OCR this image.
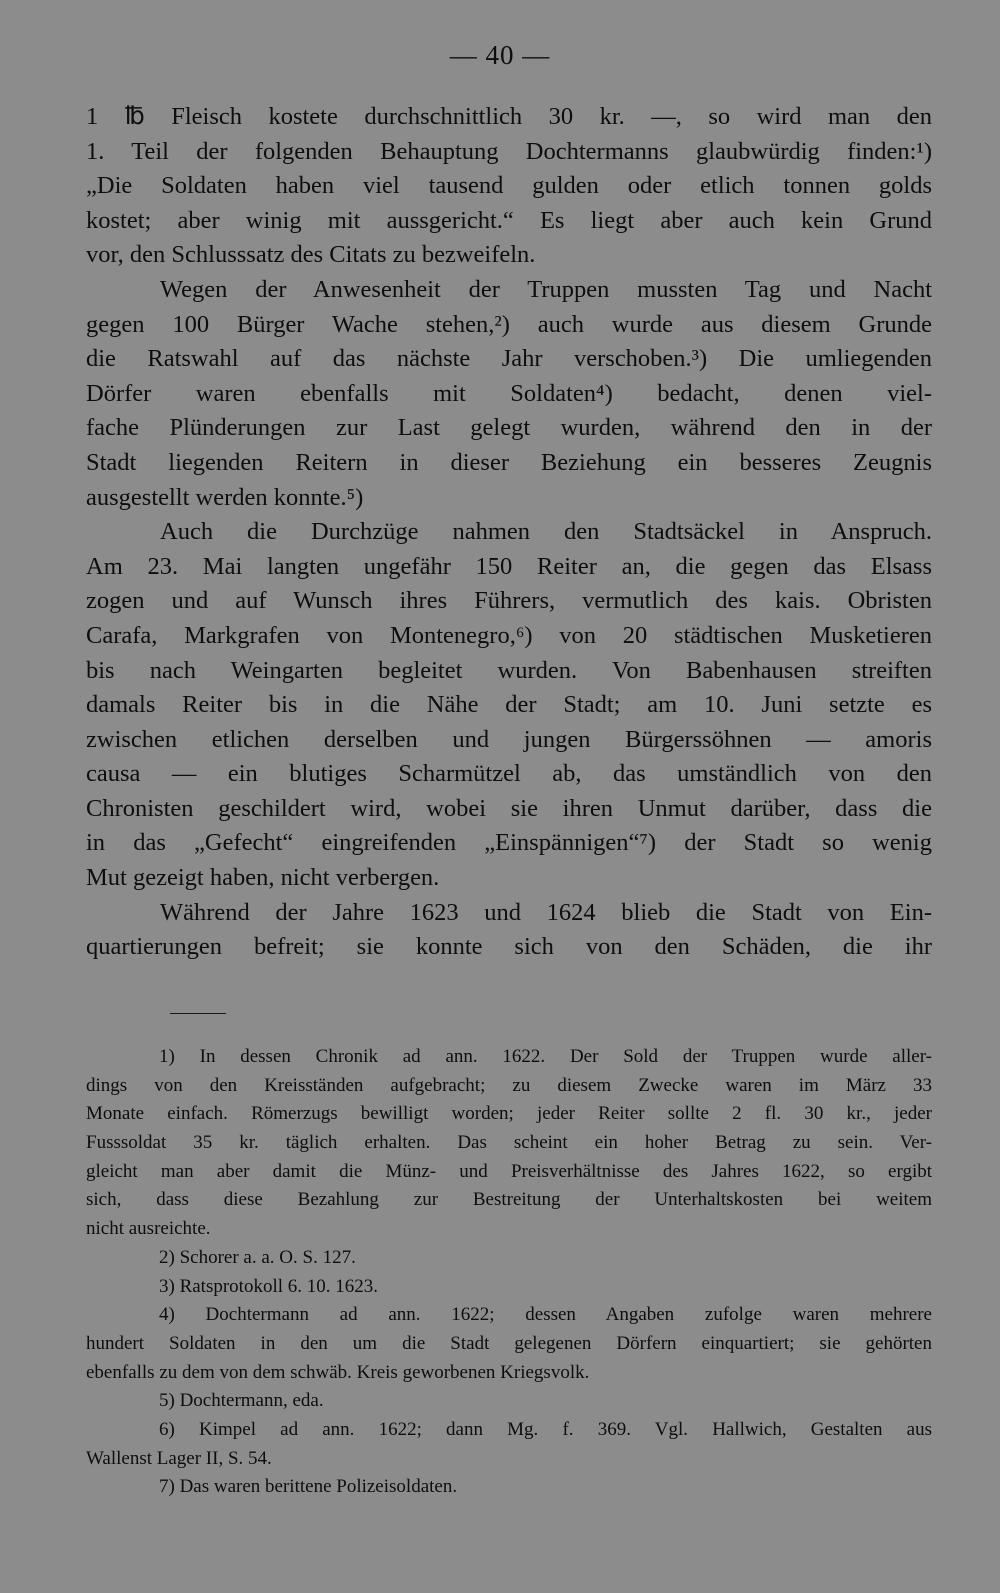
— 40 —
1 ℔ Fleisch kostete durchschnittlich 30 kr. —, so wird man den
1. Teil der folgenden Behauptung Dochtermanns glaubwürdig finden:¹)
„Die Soldaten haben viel tausend gulden oder etlich tonnen golds
kostet; aber winig mit aussgericht.“ Es liegt aber auch kein Grund
vor, den Schlusssatz des Citats zu bezweifeln.
Wegen der Anwesenheit der Truppen mussten Tag und Nacht
gegen 100 Bürger Wache stehen,²) auch wurde aus diesem Grunde
die Ratswahl auf das nächste Jahr verschoben.³) Die umliegenden
Dörfer waren ebenfalls mit Soldaten⁴) bedacht, denen viel-
fache Plünderungen zur Last gelegt wurden, während den in der
Stadt liegenden Reitern in dieser Beziehung ein besseres Zeugnis
ausgestellt werden konnte.⁵)
Auch die Durchzüge nahmen den Stadtsäckel in Anspruch.
Am 23. Mai langten ungefähr 150 Reiter an, die gegen das Elsass
zogen und auf Wunsch ihres Führers, vermutlich des kais. Obristen
Carafa, Markgrafen von Montenegro,⁶) von 20 städtischen Musketieren
bis nach Weingarten begleitet wurden. Von Babenhausen streiften
damals Reiter bis in die Nähe der Stadt; am 10. Juni setzte es
zwischen etlichen derselben und jungen Bürgerssöhnen — amoris
causa — ein blutiges Scharmützel ab, das umständlich von den
Chronisten geschildert wird, wobei sie ihren Unmut darüber, dass die
in das „Gefecht“ eingreifenden „Einspännigen“⁷) der Stadt so wenig
Mut gezeigt haben, nicht verbergen.
Während der Jahre 1623 und 1624 blieb die Stadt von Ein-
quartierungen befreit; sie konnte sich von den Schäden, die ihr
1) In dessen Chronik ad ann. 1622. Der Sold der Truppen wurde aller-
dings von den Kreisständen aufgebracht; zu diesem Zwecke waren im März 33
Monate einfach. Römerzugs bewilligt worden; jeder Reiter sollte 2 fl. 30 kr., jeder
Fusssoldat 35 kr. täglich erhalten. Das scheint ein hoher Betrag zu sein. Ver-
gleicht man aber damit die Münz- und Preisverhältnisse des Jahres 1622, so ergibt
sich, dass diese Bezahlung zur Bestreitung der Unterhaltskosten bei weitem
nicht ausreichte.
2) Schorer a. a. O. S. 127.
3) Ratsprotokoll 6. 10. 1623.
4) Dochtermann ad ann. 1622; dessen Angaben zufolge waren mehrere
hundert Soldaten in den um die Stadt gelegenen Dörfern einquartiert; sie gehörten
ebenfalls zu dem von dem schwäb. Kreis geworbenen Kriegsvolk.
5) Dochtermann, eda.
6) Kimpel ad ann. 1622; dann Mg. f. 369. Vgl. Hallwich, Gestalten aus
Wallenst Lager II, S. 54.
7) Das waren berittene Polizeisoldaten.
